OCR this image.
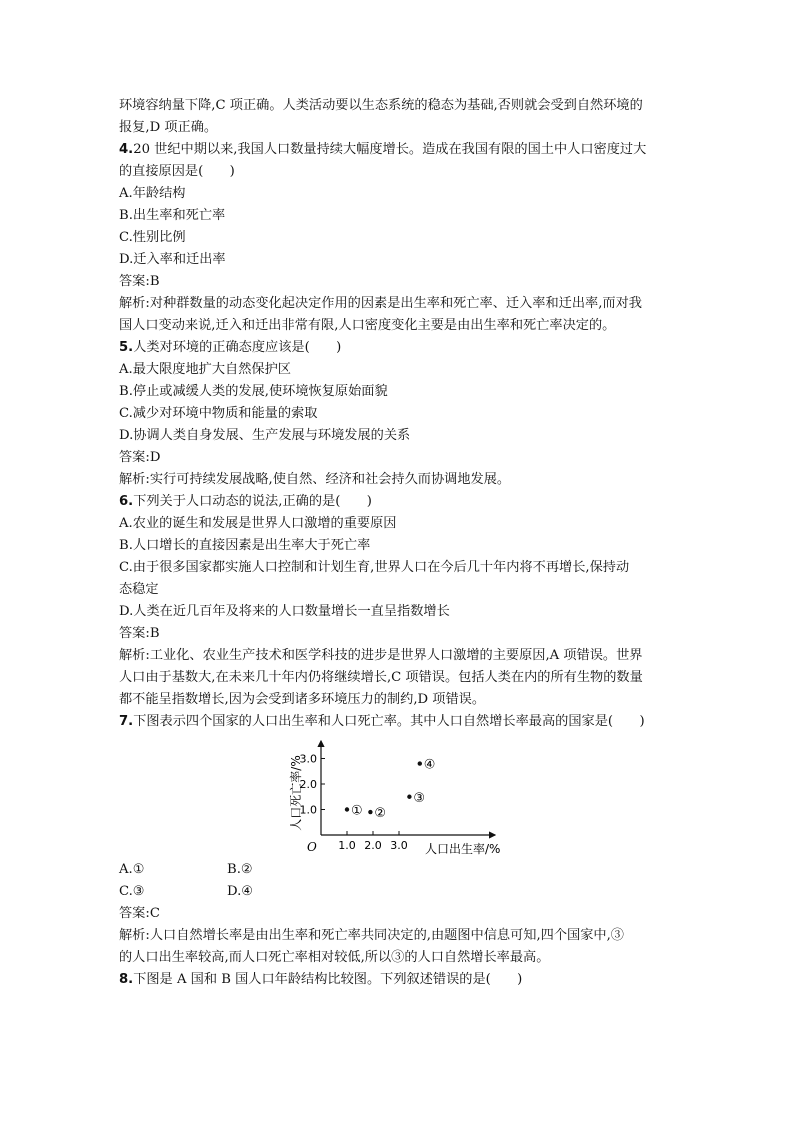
环境容纳量下降,C 项正确。人类活动要以生态系统的稳态为基础,否则就会受到自然环境的
报复,D 项正确。
4.20 世纪中期以来,我国人口数量持续大幅度增长。造成在我国有限的国土中人口密度过大
的直接原因是(　　)
A.年龄结构
B.出生率和死亡率
C.性别比例
D.迁入率和迁出率
答案:B
解析:对种群数量的动态变化起决定作用的因素是出生率和死亡率、迁入率和迁出率,而对我
国人口变动来说,迁入和迁出非常有限,人口密度变化主要是由出生率和死亡率决定的。
5.人类对环境的正确态度应该是(　　)
A.最大限度地扩大自然保护区
B.停止或减缓人类的发展,使环境恢复原始面貌
C.减少对环境中物质和能量的索取
D.协调人类自身发展、生产发展与环境发展的关系
答案:D
解析:实行可持续发展战略,使自然、经济和社会持久而协调地发展。
6.下列关于人口动态的说法,正确的是(　　)
A.农业的诞生和发展是世界人口激增的重要原因
B.人口增长的直接因素是出生率大于死亡率
C.由于很多国家都实施人口控制和计划生育,世界人口在今后几十年内将不再增长,保持动
态稳定
D.人类在近几百年及将来的人口数量增长一直呈指数增长
答案:B
解析:工业化、农业生产技术和医学科技的进步是世界人口激增的主要原因,A 项错误。世界
人口由于基数大,在未来几十年内仍将继续增长,C 项错误。包括人类在内的所有生物的数量
都不能呈指数增长,因为会受到诸多环境压力的制约,D 项错误。
7.下图表示四个国家的人口出生率和人口死亡率。其中人口自然增长率最高的国家是(　　)
O	人口出生率/%
人口死亡率/%
1.0 2.0 3.0
1.0
2.0
3.0
① ②
③
④
A.①	B.②
C.③	D.④
答案:C
解析:人口自然增长率是由出生率和死亡率共同决定的,由题图中信息可知,四个国家中,③
的人口出生率较高,而人口死亡率相对较低,所以③的人口自然增长率最高。
8.下图是 A 国和 B 国人口年龄结构比较图。下列叙述错误的是(　　)
